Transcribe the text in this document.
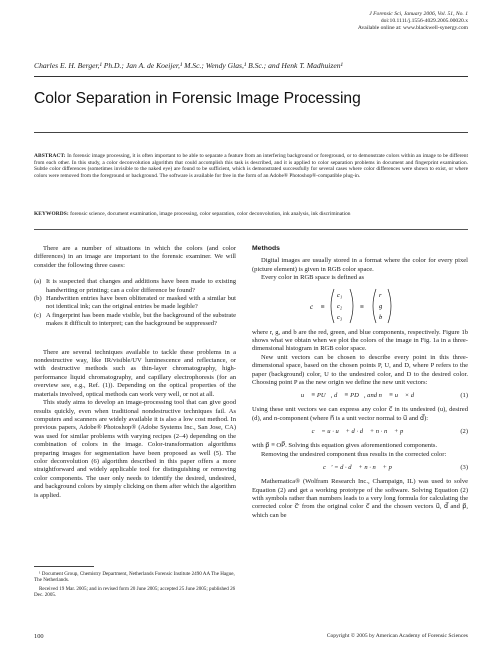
J Forensic Sci, January 2006, Vol. 51, No. 1
doi:10.1111/j.1556-4029.2005.00020.x
Available online at: www.blackwell-synergy.com
Charles E. H. Berger,¹ Ph.D.; Jan A. de Koeijer,¹ M.Sc.; Wendy Glas,¹ B.Sc.; and Henk T. Madhuizen¹
Color Separation in Forensic Image Processing
ABSTRACT: In forensic image processing, it is often important to be able to separate a feature from an interfering background or foreground, or to demonstrate colors within an image to be different from each other. In this study, a color deconvolution algorithm that could accomplish this task is described, and it is applied to color separation problems in document and fingerprint examination. Subtle color differences (sometimes invisible to the naked eye) are found to be sufficient, which is demonstrated successfully for several cases where color differences were shown to exist, or where colors were removed from the foreground or background. The software is available for free in the form of an Adobe® Photoshop®-compatible plug-in.
KEYWORDS: forensic science, document examination, image processing, color separation, color deconvolution, ink analysis, ink discrimination

There are a number of situations in which the colors (and color differences) in an image are important to the forensic examiner. We will consider the following three cases:

(a) It is suspected that changes and additions have been made to existing handwriting or printing; can a color difference be found?
(b) Handwritten entries have been obliterated or masked with a similar but not identical ink; can the original entries be made legible?
(c) A fingerprint has been made visible, but the background of the substrate makes it difficult to interpret; can the background be suppressed?

There are several techniques available to tackle these problems in a nondestructive way, like IR/visible/UV luminescence and reflectance, or with destructive methods such as thin-layer chromatography, high-performance liquid chromatography, and capillary electrophoresis (for an overview see, e.g., Ref. (1)). Depending on the optical properties of the materials involved, optical methods can work very well, or not at all.

This study aims to develop an image-processing tool that can give good results quickly, even when traditional nondestructive techniques fail. As computers and scanners are widely available it is also a low cost method. In previous papers, Adobe® Photoshop® (Adobe Systems Inc., San Jose, CA) was used for similar problems with varying recipes (2–4) depending on the combination of colors in the image. Color-transformation algorithms preparing images for segmentation have been proposed as well (5). The color deconvolution (6) algorithm described in this paper offers a more straightforward and widely applicable tool for distinguishing or removing color components. The user only needs to identify the desired, undesired, and background colors by simply clicking on them after which the algorithm is applied.

Methods

Digital images are usually stored in a format where the color for every pixel (picture element) is given in RGB color space.

Every color in RGB space is defined as

c⃗ ≡
c₁
c₂
c₃
≡
r
g
b

where r, g, and b are the red, green, and blue components, respectively. Figure 1b shows what we obtain when we plot the colors of the image in Fig. 1a in a three-dimensional histogram in RGB color space.

New unit vectors can be chosen to describe every point in this three-dimensional space, based on the chosen points P, U, and D, where P refers to the paper (background) color, U to the undesired color, and D to the desired color. Choosing point P as the new origin we define the new unit vectors:

u⃗ ≡ PU⃗, d⃗ ≡ PD⃗, and n⃗ ≡ u⃗ × d⃗	(1)

Using these unit vectors we can express any color c⃗ in its undesired (u), desired (d), and n-component (where n⃗ is a unit vector normal to u⃗ and d⃗):

c⃗ = u · u⃗ + d · d⃗ + n · n⃗ + p⃗	(2)

with p⃗ ≡ OP⃗. Solving this equation gives aforementioned components.

Removing the undesired component thus results in the corrected color:

c⃗′ = d · d⃗ + n · n⃗ + p⃗	(3)

Mathematica® (Wolfram Research Inc., Champaign, IL) was used to solve Equation (2) and get a working prototype of the software. Solving Equation (2) with symbols rather than numbers leads to a very long formula for calculating the corrected color c⃗′ from the original color c⃗ and the chosen vectors u⃗, d⃗ and p⃗, which can be

¹ Document Group, Chemistry Department, Netherlands Forensic Institute 2490 AA The Hague, The Netherlands.

Received 19 Mar. 2005; and in revised form 20 June 2005; accepted 25 June 2005; published 26 Dec. 2005.

100	Copyright © 2005 by American Academy of Forensic Sciences
